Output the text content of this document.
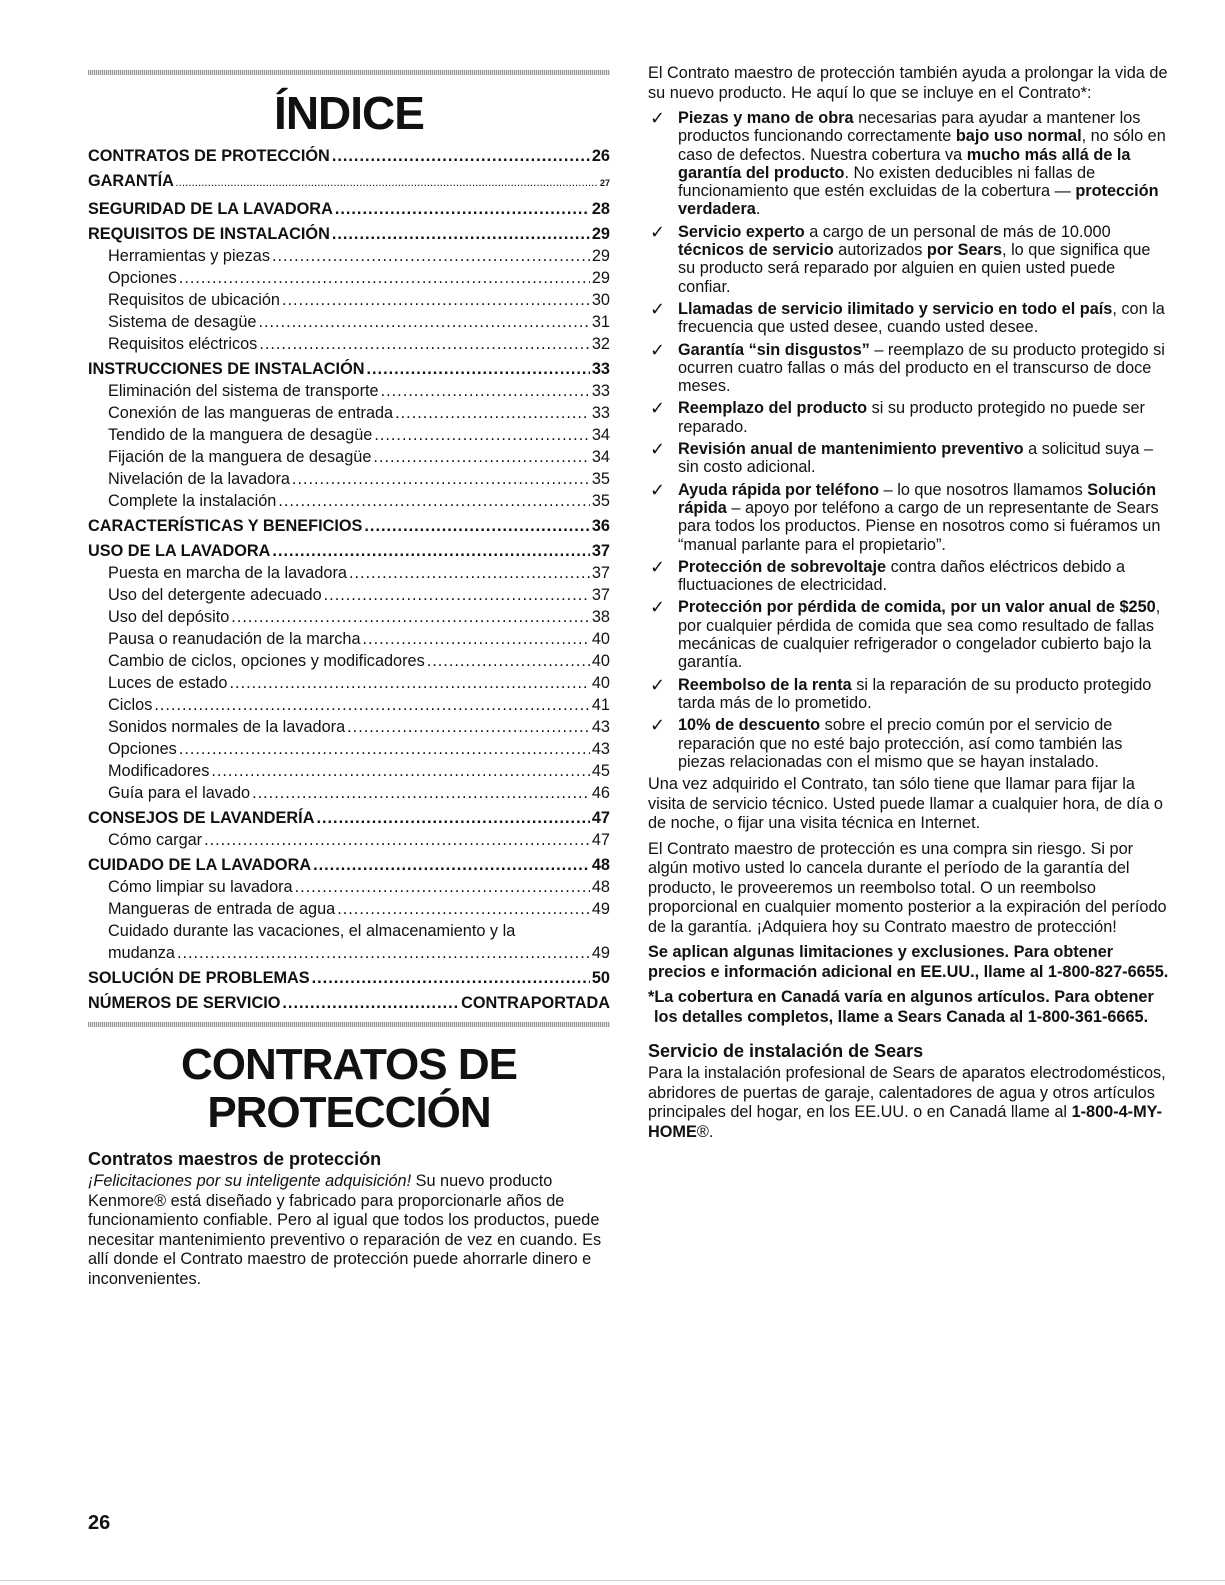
ÍNDICE
CONTRATOS DE PROTECCIÓN .....	26
GARANTÍA .....	27
SEGURIDAD DE LA LAVADORA .....	28
REQUISITOS DE INSTALACIÓN .....	29
Herramientas y piezas .....	29
Opciones .....	29
Requisitos de ubicación .....	30
Sistema de desagüe .....	31
Requisitos eléctricos .....	32
INSTRUCCIONES DE INSTALACIÓN .....	33
Eliminación del sistema de transporte .....	33
Conexión de las mangueras de entrada .....	33
Tendido de la manguera de desagüe .....	34
Fijación de la manguera de desagüe .....	34
Nivelación de la lavadora .....	35
Complete la instalación .....	35
CARACTERÍSTICAS Y BENEFICIOS .....	36
USO DE LA LAVADORA .....	37
Puesta en marcha de la lavadora .....	37
Uso del detergente adecuado .....	37
Uso del depósito .....	38
Pausa o reanudación de la marcha .....	40
Cambio de ciclos, opciones y modificadores .....	40
Luces de estado .....	40
Ciclos .....	41
Sonidos normales de la lavadora .....	43
Opciones .....	43
Modificadores .....	45
Guía para el lavado .....	46
CONSEJOS DE LAVANDERÍA .....	47
Cómo cargar .....	47
CUIDADO DE LA LAVADORA .....	48
Cómo limpiar su lavadora .....	48
Mangueras de entrada de agua .....	49
Cuidado durante las vacaciones, el almacenamiento y la
mudanza .....	49
SOLUCIÓN DE PROBLEMAS .....	50
NÚMEROS DE SERVICIO .....	CONTRAPORTADA
CONTRATOS DE
PROTECCIÓN
Contratos maestros de protección

¡Felicitaciones por su inteligente adquisición! Su nuevo producto Kenmore® está diseñado y fabricado para proporcionarle años de funcionamiento confiable. Pero al igual que todos los productos, puede necesitar mantenimiento preventivo o reparación de vez en cuando. Es allí donde el Contrato maestro de protección puede ahorrarle dinero e inconvenientes.

El Contrato maestro de protección también ayuda a prolongar la vida de su nuevo producto. He aquí lo que se incluye en el Contrato*:

✓ Piezas y mano de obra necesarias para ayudar a mantener los productos funcionando correctamente bajo uso normal, no sólo en caso de defectos. Nuestra cobertura va mucho más allá de la garantía del producto. No existen deducibles ni fallas de funcionamiento que estén excluidas de la cobertura — protección verdadera.
✓ Servicio experto a cargo de un personal de más de 10.000 técnicos de servicio autorizados por Sears, lo que significa que su producto será reparado por alguien en quien usted puede confiar.
✓ Llamadas de servicio ilimitado y servicio en todo el país, con la frecuencia que usted desee, cuando usted desee.
✓ Garantía “sin disgustos” – reemplazo de su producto protegido si ocurren cuatro fallas o más del producto en el transcurso de doce meses.
✓ Reemplazo del producto si su producto protegido no puede ser reparado.
✓ Revisión anual de mantenimiento preventivo a solicitud suya – sin costo adicional.
✓ Ayuda rápida por teléfono – lo que nosotros llamamos Solución rápida – apoyo por teléfono a cargo de un representante de Sears para todos los productos. Piense en nosotros como si fuéramos un “manual parlante para el propietario”.
✓ Protección de sobrevoltaje contra daños eléctricos debido a fluctuaciones de electricidad.
✓ Protección por pérdida de comida, por un valor anual de $250, por cualquier pérdida de comida que sea como resultado de fallas mecánicas de cualquier refrigerador o congelador cubierto bajo la garantía.
✓ Reembolso de la renta si la reparación de su producto protegido tarda más de lo prometido.
✓ 10% de descuento sobre el precio común por el servicio de reparación que no esté bajo protección, así como también las piezas relacionadas con el mismo que se hayan instalado.

Una vez adquirido el Contrato, tan sólo tiene que llamar para fijar la visita de servicio técnico. Usted puede llamar a cualquier hora, de día o de noche, o fijar una visita técnica en Internet.

El Contrato maestro de protección es una compra sin riesgo. Si por algún motivo usted lo cancela durante el período de la garantía del producto, le proveeremos un reembolso total. O un reembolso proporcional en cualquier momento posterior a la expiración del período de la garantía. ¡Adquiera hoy su Contrato maestro de protección!

Se aplican algunas limitaciones y exclusiones. Para obtener precios e información adicional en EE.UU., llame al 1-800-827-6655.

*La cobertura en Canadá varía en algunos artículos. Para obtener los detalles completos, llame a Sears Canada al 1-800-361-6665.

Servicio de instalación de Sears

Para la instalación profesional de Sears de aparatos electrodomésticos, abridores de puertas de garaje, calentadores de agua y otros artículos principales del hogar, en los EE.UU. o en Canadá llame al 1-800-4-MY-HOME®.

26
